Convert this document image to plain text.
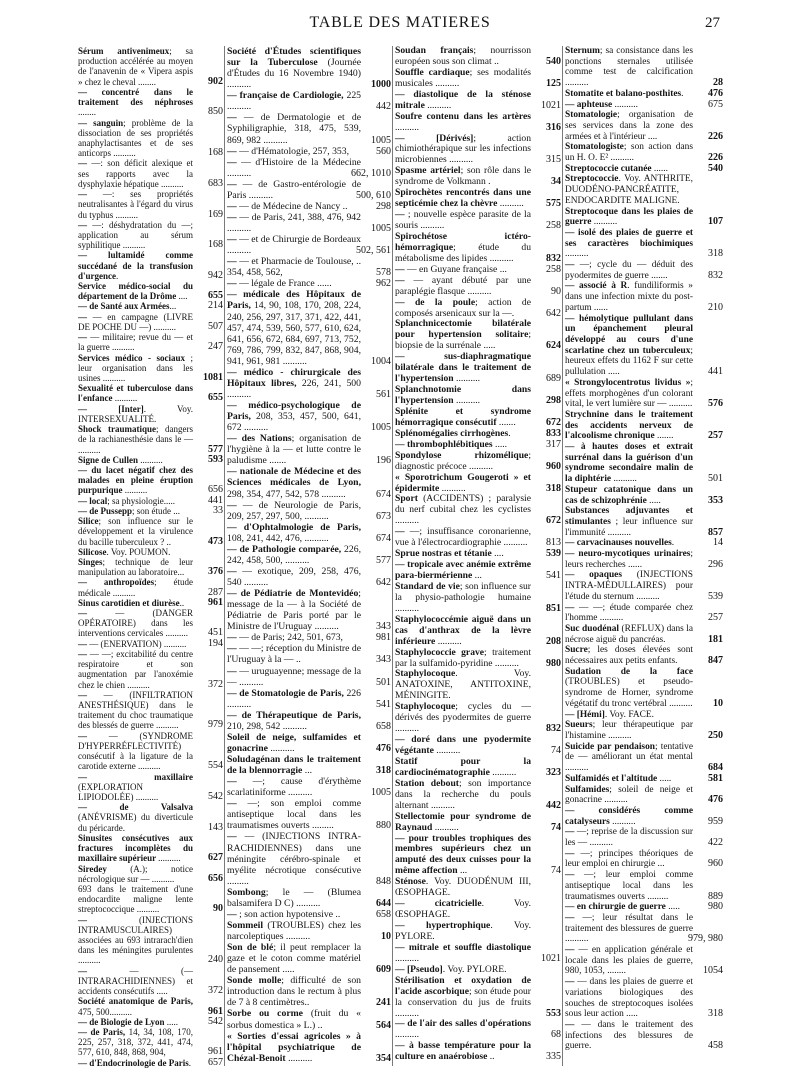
TABLE DES MATIERES	27
Sérum antivenimeux; sa production accélérée au moyen de l'anavenin de « Vipera aspis » chez le cheval ........	902
— concentré dans le traitement des néphroses ........	850
— sanguin; problème de la dissociation de ses propriétés anaphylactisantes et de ses anticorps ..........	168
— —: son déficit alexique et ses rapports avec la dysphylaxie hépatique ..........	683
— —: ses propriétés neutralisantes à l'égard du virus du typhus ..........	169
— —: déshydratation du —; application au sérum syphilitique ..........	168
— lultamidé comme succédané de la transfusion d'urgence.	942
Service médico-social du département de la Drôme ....	655
— de Santé aux Armées...	214
— — en campagne (LIVRE DE POCHE DU —) ..........	507
— — militaire; revue du — et la guerre ..........	247
Services médico - sociaux ; leur organisation dans les usines ..........	1081
Sexualité et tuberculose dans l'enfance ..........	655
— [Inter]. Voy. INTERSEXUALITÉ.
Shock traumatique; dangers de la rachianesthésie dans le — ..........	577
Signe de Cullen ..........	593
— du lacet négatif chez des malades en pleine éruption purpurique ..........	656
— local; sa physiologie.....	441
— de Pussepp; son étude ...	33
Silice; son influence sur le développement et la virulence du bacille tuberculeux ? ..	473
Silicose. Voy. POUMON.
Singes; technique de leur manipulation au laboratoire...	376
— anthropoïdes; étude médicale ..........	287
Sinus carotidien et diurèse..	961
— — (DANGER OPÉRATOIRE) dans les interventions cervicales ..........	451
— — (ENERVATION) ..........	194
— — —; excitabilité du centre respiratoire et son augmentation par l'anoxémie chez le chien ..........	372
— — (INFILTRATION ANESTHÉSIQUE) dans le traitement du choc traumatique des blessés de guerre ..........	979
— — (SYNDROME D'HYPERRÉFLECTIVITÉ) consécutif à la ligature de la carotide externe ..........	554
— maxillaire (EXPLORATION LIPIODOLÉE) ..........	542
— de Valsalva (ANÉVRISME) du diverticule du péricarde.	143
Sinusites consécutives aux fractures incomplètes du maxillaire supérieur ..........	627
Siredey (A.); notice nécrologique sur — ..........	656
693 dans le traitement d'une endocardite maligne lente streptococcique ..........	90
— (INJECTIONS INTRAMUSCULAIRES) associées au 693 intrarach'dien dans les méningites purulentes ..........	240
— — (— INTRARACHIDIENNES) et accidents consécutifs .....	372
Société anatomique de Paris, 475, 500..........	961
— de Biologie de Lyon .....	542
— de Paris, 14, 34, 108, 170, 225, 257, 318, 372, 441, 474, 577, 610, 848, 868, 904,	961
— d'Endocrinologie de Paris. 657
Société d'Études scientifiques sur la Tuberculose (Journée d'Études du 16 Novembre 1940) ..........	1000
— française de Cardiologie, 225 ..........	442
— — de Dermatologie et de Syphiligraphie, 318, 475, 539, 869, 982 ..........	1005
— — d'Hématologie, 257, 353,	560
— — d'Histoire de la Médecine ..........	662, 1010
— — de Gastro-entérologie de Paris ..........	500, 610
— — de Médecine de Nancy ..	298
— — de Paris, 241, 388, 476, 942 ..........	1005
— — et de Chirurgie de Bordeaux ..........	502, 561
— — et Pharmacie de Toulouse, .. 354, 458, 562,	578
— — légale de France ......	962
— médicale des Hôpitaux de Paris, 14, 90, 108, 170, 208, 224, 240, 256, 297, 317, 371, 422, 441, 457, 474, 539, 560, 577, 610, 624, 641, 656, 672, 684, 697, 713, 752, 769, 786, 799, 832, 847, 868, 904, 941, 961, 981 ..........	1004
— médico - chirurgicale des Hôpitaux libres, 226, 241, 500 ..........	561
— médico-psychologique de Paris, 208, 353, 457, 500, 641, 672 ..........	1005
— des Nations; organisation de l'hygiène à la — et lutte contre le paludisme .......	196
— nationale de Médecine et des Sciences médicales de Lyon, 298, 354, 477, 542, 578 ..........	674
— — de Neurologie de Paris, 209, 257, 297, 500, ..........	673
— d'Ophtalmologie de Paris, 108, 241, 442, 476, ..........	674
— de Pathologie comparée, 226, 242, 458, 500, ..........	577
— — exotique, 209, 258, 476, 540 ..........	642
— de Pédiatrie de Montevidéo; message de la — à la Société de Pédiatrie de Paris porté par le Ministre de l'Uruguay ..........	343
— — de Paris; 242, 501, 673,	981
— — —; réception du Ministre de l'Uruguay à la — ..	343
— — uruguayenne; message de la — ..........	501
— de Stomatologie de Paris, 226 ..........	541
— de Thérapeutique de Paris, 210, 298, 542 ..........	658
Soleil de neige, sulfamides et gonacrine ..........	476
Soludagénan dans le traitement de la blennorragie ...	318
— —; cause d'érythème scarlatiniforme ..........	1005
— —; son emploi comme antiseptique local dans les traumatismes ouverts .........	880
— — (INJECTIONS INTRA-RACHIDIENNES) dans une méningite cérébro-spinale et myélite nécrotique consécutive .........	848
Sombong; le — (Blumea balsamifera D C) ..........	644
— ; son action hypotensive ..	658
Sommeil (TROUBLES) chez les narcoleptiques ..........	10
Son de blé; il peut remplacer la gaze et le coton comme matériel de pansement .....	609
Sonde molle; difficulté de son introduction dans le rectum à plus de 7 à 8 centimètres..	241
Sorbe ou corme (fruit du « sorbus domestica » L.) ..	564
« Sorties d'essai agricoles » à l'hôpital psychiatrique de Chézal-Benoit ..........	354
Soudan français; nourrisson européen sous son climat ..	540
Souffle cardiaque; ses modalités musicales ..........	125
— diastolique de la sténose mitrale ..........	1021
Soufre contenu dans les artères ..........	316
— [Dérivés]; action chimiothérapique sur les infections microbiennes ..........	315
Spasme artériel; son rôle dans le syndrome de Volkmann .	34
Spirochètes rencontrés dans une septicémie chez la chèvre ..........	575
— ; nouvelle espèce parasite de la souris ..........	258
Spirochétose ictéro-hémorragique; étude du métabolisme des lipides ..........	832
— — en Guyane française ...	258
— — ayant débuté par une paraplégie flasque ..........	90
— de la poule; action de composés arsenicaux sur la —.	642
Splanchnicectomie bilatérale pour hypertension solitaire; biopsie de la surrénale .....	624
— sus-diaphragmatique bilatérale dans le traitement de l'hypertension ..........	689
Splanchnotomie dans l'hypertension ..........	298
Splénite et syndrome hémorragique consécutif .......	672
Splénomégalies cirrhogènes.	833
— thrombophlébitiques .....	317
Spondylose rhizomélique; diagnostic précoce ..........	960
« Sporotrichum Gougeroti » et épidermite ..........	318
Sport (ACCIDENTS) ; paralysie du nerf cubital chez les cyclistes ..........	672
— —; insuffisance coronarienne, vue à l'électrocardiographie ..........	813
Sprue nostras et tétanie ....	539
— tropicale avec anémie extrême para-biermérienne ...	541
Standard de vie; son influence sur la physio-pathologie humaine ..........	851
Staphylococcémie aiguë dans un cas d'anthrax de la lèvre inférieure ..........	208
Staphylococcie grave; traitement par la sulfamido-pyridine ..........	980
Staphylocoque. Voy. ANATOXINE, ANTITOXINE, MÉNINGITE.
Staphylocoque; cycles du — dérivés des pyodermites de guerre ..........	832
— doré dans une pyodermite végétante ..........	74
Statif pour la cardiocinématographie ..........	323
Station debout; son importance dans la recherche du pouls alternant ..........	442
Stellectomie pour syndrome de Raynaud ..........	74
— pour troubles trophiques des membres supérieurs chez un amputé des deux cuisses pour la même affection ...	74
Sténose. Voy. DUODÉNUM III, ŒSOPHAGE.
— cicatricielle. Voy. ŒSOPHAGE.
— hypertrophique. Voy. PYLORE.
— mitrale et souffle diastolique ..........	1021
— [Pseudo]. Voy. PYLORE.
Stérilisation et oxydation de l'acide ascorbique; son étude pour la conservation du jus de fruits ..........	553
— de l'air des salles d'opérations ..........	68
— à basse température pour la culture en anaérobiose ..	335
Sternum; sa consistance dans les ponctions sternales utilisée comme test de calcification ..........	28
Stomatite et balano-posthites.	476
— aphteuse ..........	675
Stomatologie; organisation de ses services dans la zone des armées et à l'intérieur ....	226
Stomatologiste; son action dans un H. O. E² ..........	226
Streptococcie cutanée ......	540
Streptococcie. Voy. ANTHRITE, DUODÉNO-PANCRÉATITE, ENDOCARDITE MALIGNE.
Streptocoque dans les plaies de guerre ..........	107
— isolé des plaies de guerre et ses caractères biochimiques ..........	318
— —; cycle du — déduit des pyodermites de guerre .......	832
— associé à R. fundiliformis » dans une infection mixte du post-partum ......	210
— hémolytique pullulant dans un épanchement pleural développé au cours d'une scarlatine chez un tuberculeux; heureux effets du 1162 F sur cette pullulation .....	441
« Strongylocentrotus lividus »; effets morphogènes d'un colorant vital, le vert lumière sur — .......... 576
Strychnine dans le traitement des accidents nerveux de l'alcoolisme chronique .......	257
— à hautes doses et extrait surrénal dans la guérison d'un syndrome secondaire malin de la diphtérie ..........	501
Stupeur catatonique dans un cas de schizophrénie .....	353
Substances adjuvantes et stimulantes ; leur influence sur l'immunité ..........	857
— carvacinauses nouvelles.	14
— neuro-mycotiques urinaires; leurs recherches ......	296
— opaques (INJECTIONS INTRA-MÉDULLAIRES) pour l'étude du sternum ..........	539
— — —; étude comparée chez l'homme ..........	257
Suc duodénal (REFLUX) dans la nécrose aiguë du pancréas.	181
Sucre; les doses élevées sont nécessaires aux petits enfants.	847
Sudation de la face (TROUBLES) et pseudo-syndrome de Horner, syndrome végétatif du tronc vertébral .......... 10
— [Hémi]. Voy. FACE.
Sueurs; leur thérapeutique par l'histamine ..........	250
Suicide par pendaison; tentative de — améliorant un état mental ..........	684
Sulfamidés et l'altitude .....	581
Sulfamides; soleil de neige et gonacrine ..........	476
— considérés comme catalyseurs ..........	959
— —; reprise de la discussion sur les — ..........	422
— —; principes théoriques de leur emploi en chirurgie ...	960
— —; leur emploi comme antiseptique local dans les traumatismes ouverts .........	889
— en chirurgie de guerre .....	980
— —; leur résultat dans le traitement des blessures de guerre ..........	979, 980
— — en application générale et locale dans les plaies de guerre, 980, 1053, ........	1054
— — dans les plaies de guerre et variations biologiques des souches de streptocoques isolées sous leur action .....	318
— — dans le traitement des infections des blessures de guerre.	458
